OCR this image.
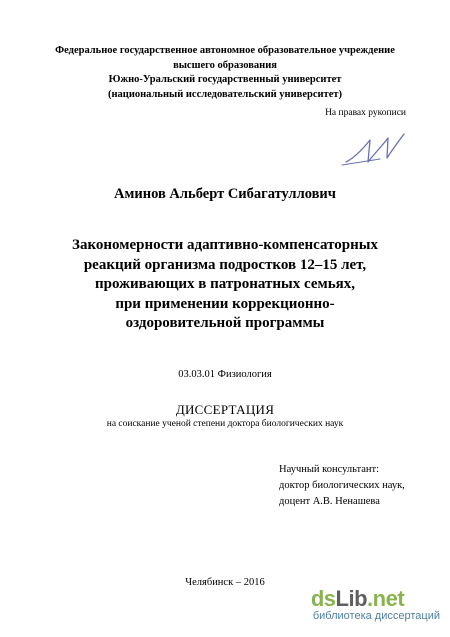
Федеральное государственное автономное образовательное учреждение
высшего образования
Южно-Уральский государственный университет
(национальный исследовательский университет)
На правах рукописи
Аминов Альберт Сибагатуллович
Закономерности адаптивно-компенсаторных
реакций организма подростков 12–15 лет,
проживающих в патронатных семьях,
при применении коррекционно-
оздоровительной программы
03.03.01 Физиология
ДИССЕРТАЦИЯ
на соискание ученой степени доктора биологических наук
Научный консультант:
доктор биологических наук,
доцент А.В. Ненашева
Челябинск – 2016
dsLib.net
библиотека диссертаций
